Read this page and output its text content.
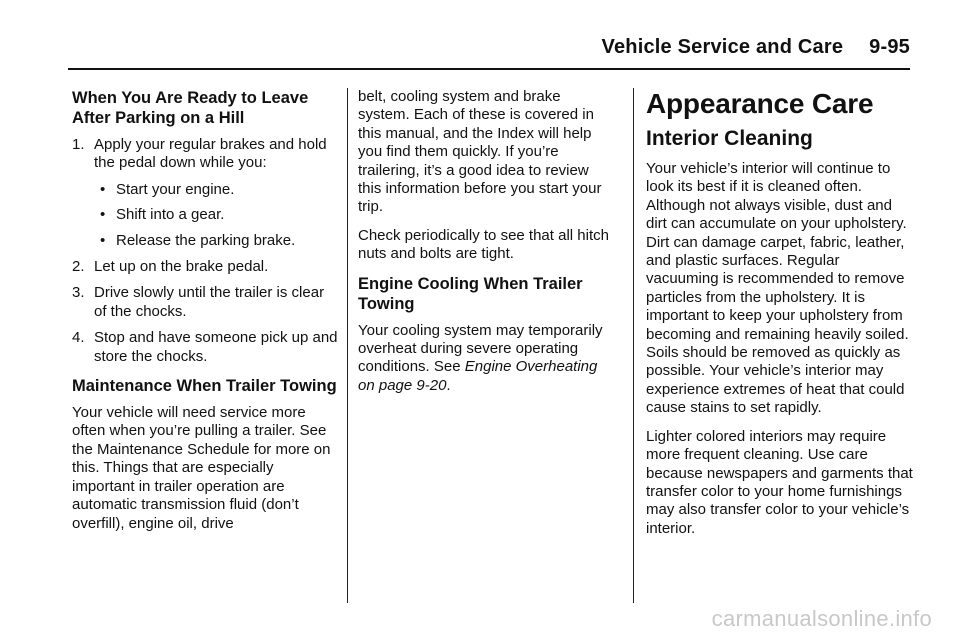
Vehicle Service and Care 9-95
When You Are Ready to Leave After Parking on a Hill
1. Apply your regular brakes and hold the pedal down while you:
• Start your engine.
• Shift into a gear.
• Release the parking brake.
2. Let up on the brake pedal.
3. Drive slowly until the trailer is clear of the chocks.
4. Stop and have someone pick up and store the chocks.
Maintenance When Trailer Towing

Your vehicle will need service more often when you’re pulling a trailer. See the Maintenance Schedule for more on this. Things that are especially important in trailer operation are automatic transmission fluid (don’t overfill), engine oil, drive

belt, cooling system and brake system. Each of these is covered in this manual, and the Index will help you find them quickly. If you’re trailering, it’s a good idea to review this information before you start your trip.

Check periodically to see that all hitch nuts and bolts are tight.

Engine Cooling When Trailer Towing

Your cooling system may temporarily overheat during severe operating conditions. See Engine Overheating on page 9-20.

Appearance Care
Interior Cleaning

Your vehicle’s interior will continue to look its best if it is cleaned often. Although not always visible, dust and dirt can accumulate on your upholstery. Dirt can damage carpet, fabric, leather, and plastic surfaces. Regular vacuuming is recommended to remove particles from the upholstery. It is important to keep your upholstery from becoming and remaining heavily soiled. Soils should be removed as quickly as possible. Your vehicle’s interior may experience extremes of heat that could cause stains to set rapidly.

Lighter colored interiors may require more frequent cleaning. Use care because newspapers and garments that transfer color to your home furnishings may also transfer color to your vehicle’s interior.

carmanualsonline.info
